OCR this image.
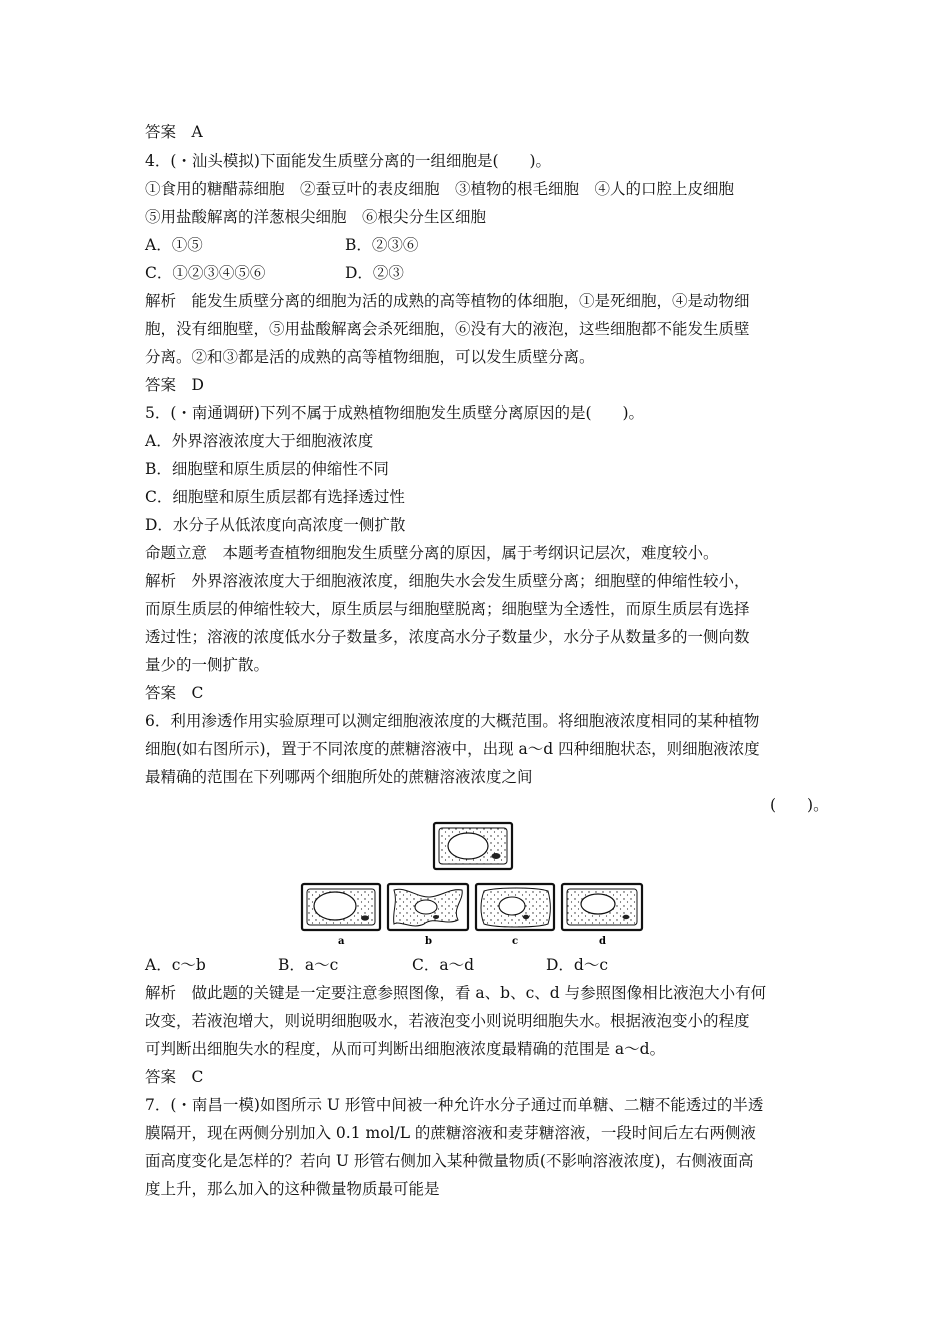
答案　A
4．(・汕头模拟)下面能发生质壁分离的一组细胞是(　　)。
①食用的糖醋蒜细胞　②蚕豆叶的表皮细胞　③植物的根毛细胞　④人的口腔上皮细胞
⑤用盐酸解离的洋葱根尖细胞　⑥根尖分生区细胞
A．①⑤	B．②③⑥
C．①②③④⑤⑥	D．②③
解析　能发生质壁分离的细胞为活的成熟的高等植物的体细胞，①是死细胞，④是动物细
胞，没有细胞壁，⑤用盐酸解离会杀死细胞，⑥没有大的液泡，这些细胞都不能发生质壁
分离。②和③都是活的成熟的高等植物细胞，可以发生质壁分离。
答案　D
5．(・南通调研)下列不属于成熟植物细胞发生质壁分离原因的是(　　)。
A．外界溶液浓度大于细胞液浓度
B．细胞壁和原生质层的伸缩性不同
C．细胞壁和原生质层都有选择透过性
D．水分子从低浓度向高浓度一侧扩散
命题立意　本题考查植物细胞发生质壁分离的原因，属于考纲识记层次，难度较小。
解析　外界溶液浓度大于细胞液浓度，细胞失水会发生质壁分离；细胞壁的伸缩性较小，
而原生质层的伸缩性较大，原生质层与细胞壁脱离；细胞壁为全透性，而原生质层有选择
透过性；溶液的浓度低水分子数量多，浓度高水分子数量少，水分子从数量多的一侧向数
量少的一侧扩散。
答案　C
6．利用渗透作用实验原理可以测定细胞液浓度的大概范围。将细胞液浓度相同的某种植物
细胞(如右图所示)，置于不同浓度的蔗糖溶液中，出现 a～d 四种细胞状态，则细胞液浓度
最精确的范围在下列哪两个细胞所处的蔗糖溶液浓度之间
(　　)。
a	b	c	d
A．c～b	B．a～c	C．a～d	D．d～c
解析　做此题的关键是一定要注意参照图像，看 a、b、c、d 与参照图像相比液泡大小有何
改变，若液泡增大，则说明细胞吸水，若液泡变小则说明细胞失水。根据液泡变小的程度
可判断出细胞失水的程度，从而可判断出细胞液浓度最精确的范围是 a～d。
答案　C
7．(・南昌一模)如图所示 U 形管中间被一种允许水分子通过而单糖、二糖不能透过的半透
膜隔开，现在两侧分别加入 0.1 mol/L 的蔗糖溶液和麦芽糖溶液，一段时间后左右两侧液
面高度变化是怎样的？若向 U 形管右侧加入某种微量物质(不影响溶液浓度)，右侧液面高
度上升，那么加入的这种微量物质最可能是
